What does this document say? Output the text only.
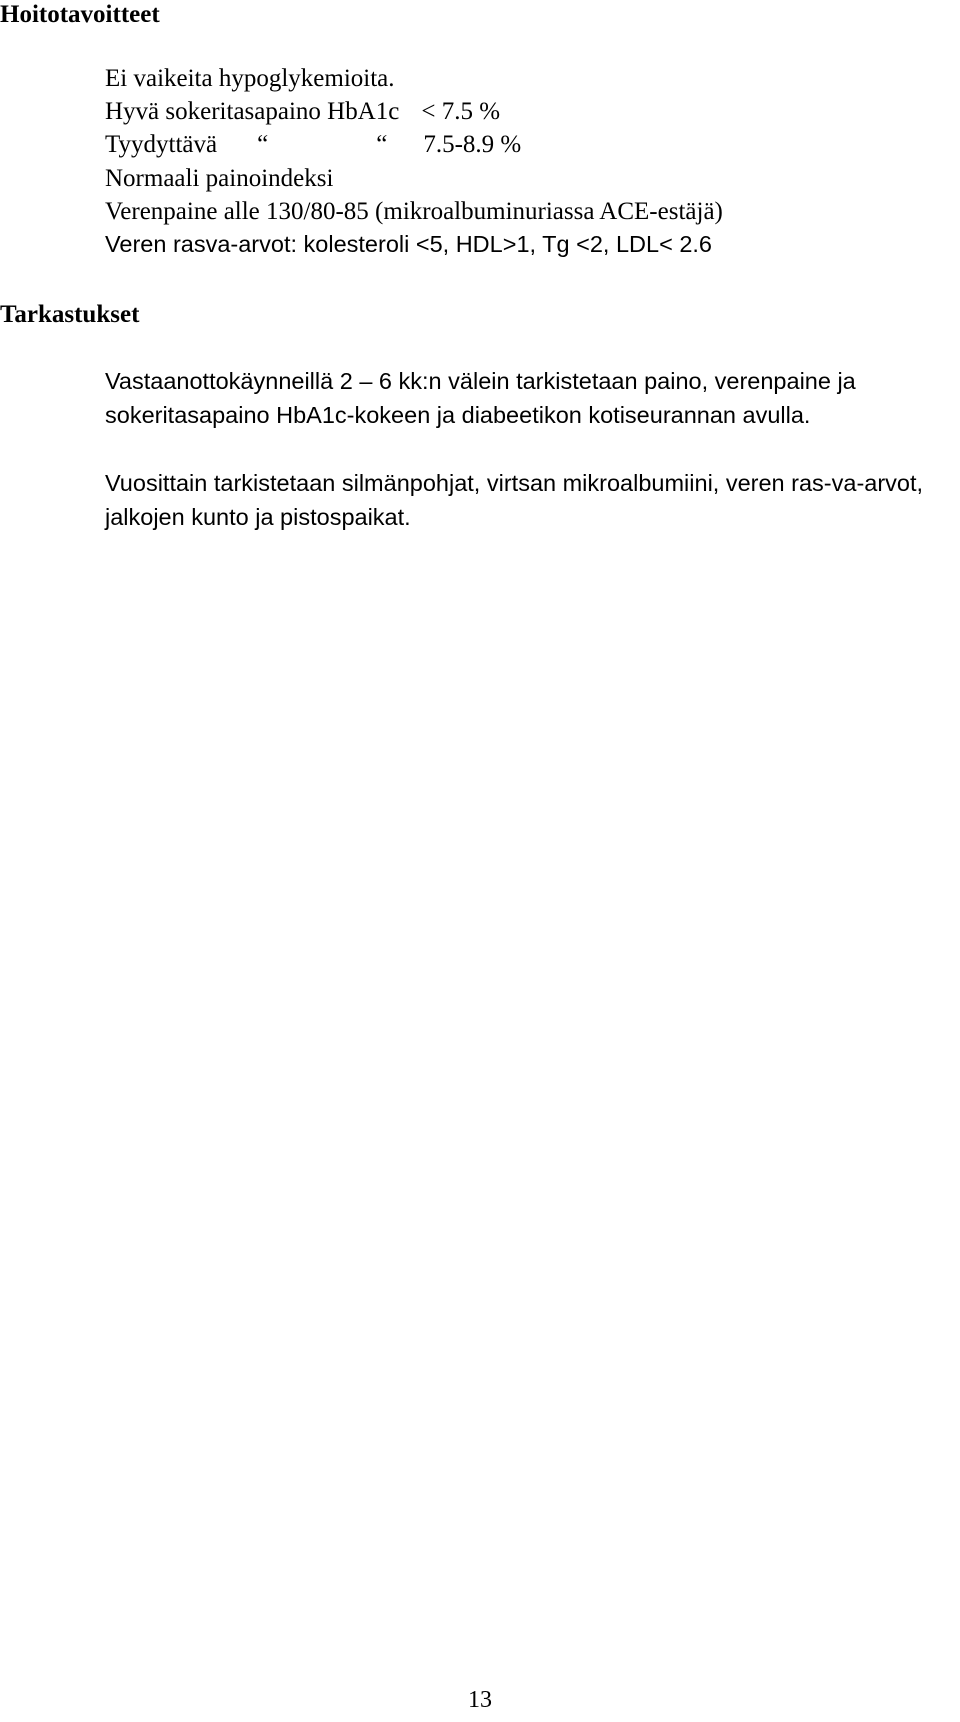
Hoitotavoitteet
Ei vaikeita hypoglykemioita.
Hyvä sokeritasapaino HbA1c < 7.5 %
Tyydyttävä “	“ 7.5-8.9 %
Normaali painoindeksi
Verenpaine alle 130/80-85 (mikroalbuminuriassa ACE-estäjä)
Veren rasva-arvot: kolesteroli <5, HDL>1, Tg <2, LDL< 2.6
Tarkastukset

Vastaanottokäynneillä 2 – 6 kk:n välein tarkistetaan paino, verenpaine ja sokeritasapaino HbA1c-kokeen ja diabeetikon kotiseurannan avulla.

Vuosittain tarkistetaan silmänpohjat, virtsan mikroalbumiini, veren ras-va-arvot, jalkojen kunto ja pistospaikat.

13
